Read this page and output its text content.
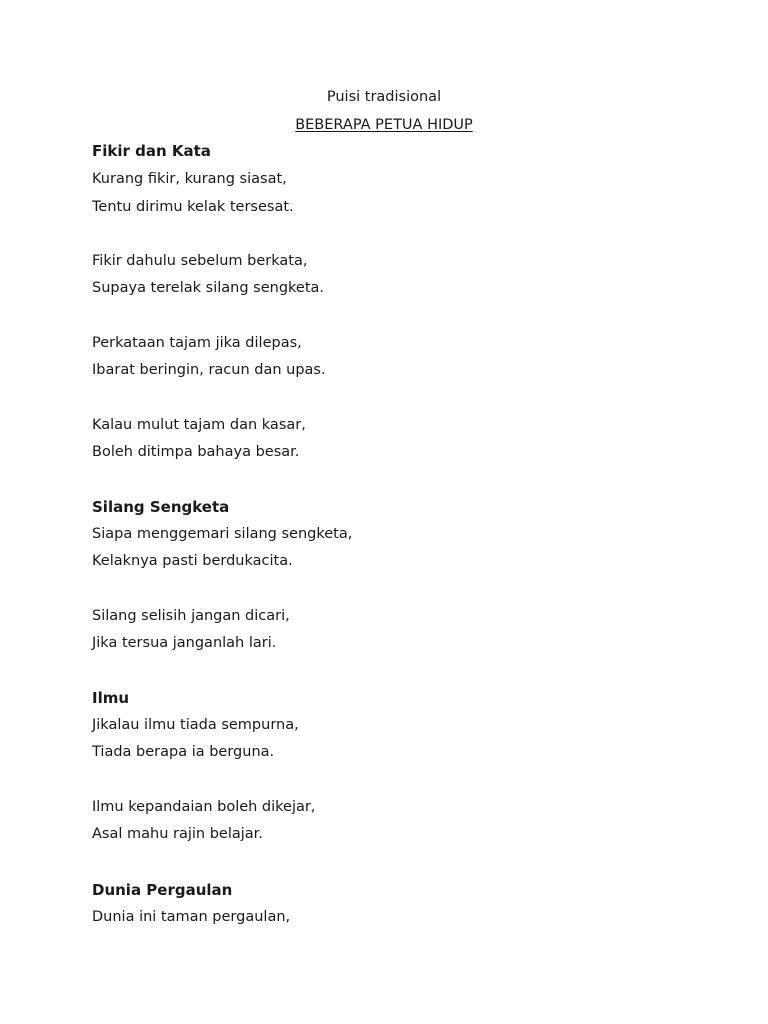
Puisi tradisional
BEBERAPA PETUA HIDUP
Fikir dan Kata
Kurang fikir, kurang siasat,
Tentu dirimu kelak tersesat.
Fikir dahulu sebelum berkata,
Supaya terelak silang sengketa.
Perkataan tajam jika dilepas,
Ibarat beringin, racun dan upas.
Kalau mulut tajam dan kasar,
Boleh ditimpa bahaya besar.
Silang Sengketa
Siapa menggemari silang sengketa,
Kelaknya pasti berdukacita.
Silang selisih jangan dicari,
Jika tersua janganlah lari.
Ilmu
Jikalau ilmu tiada sempurna,
Tiada berapa ia berguna.
Ilmu kepandaian boleh dikejar,
Asal mahu rajin belajar.
Dunia Pergaulan
Dunia ini taman pergaulan,
